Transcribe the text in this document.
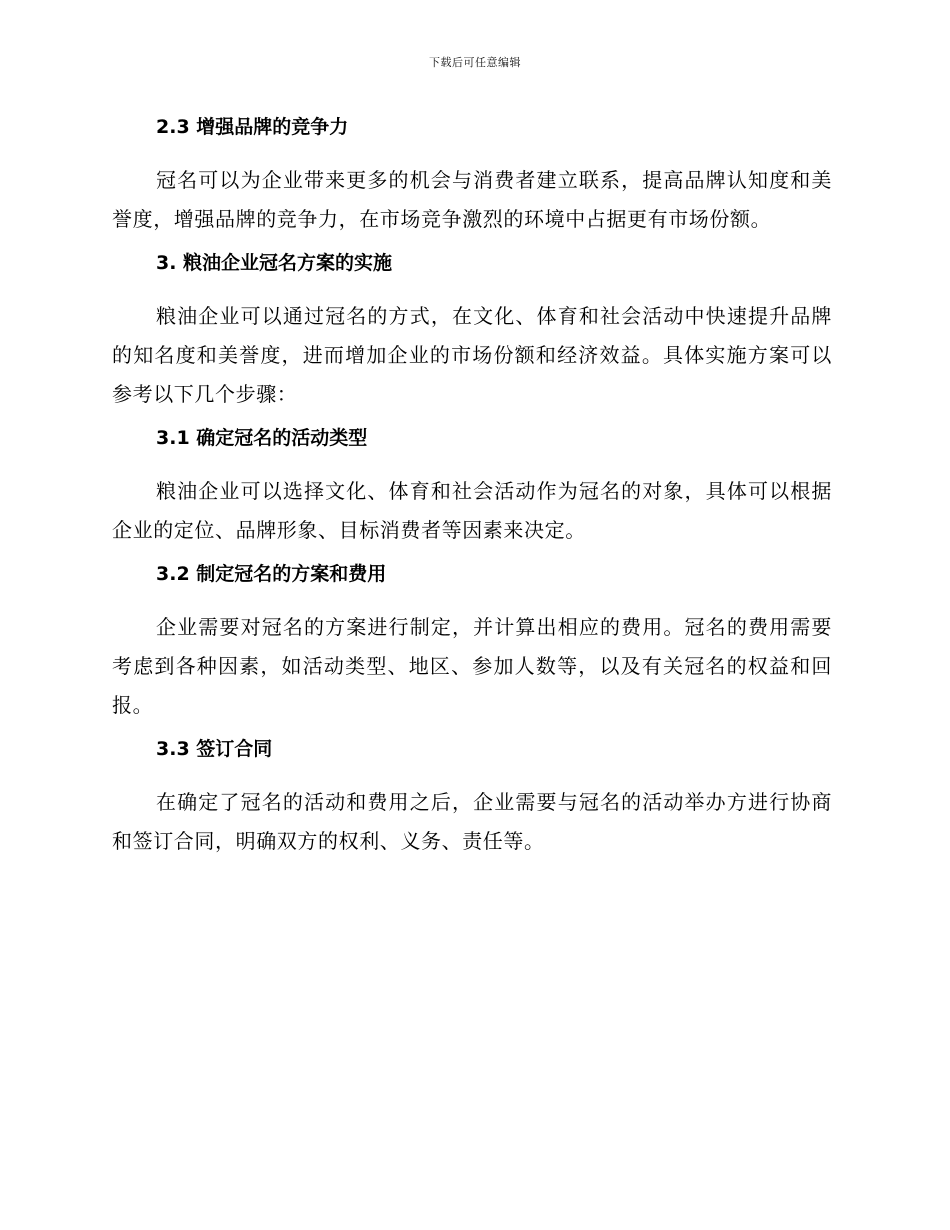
下载后可任意编辑
2.3 增强品牌的竞争力

冠名可以为企业带来更多的机会与消费者建立联系，提高品牌认知度和美誉度，增强品牌的竞争力，在市场竞争激烈的环境中占据更有市场份额。

3. 粮油企业冠名方案的实施

粮油企业可以通过冠名的方式，在文化、体育和社会活动中快速提升品牌的知名度和美誉度，进而增加企业的市场份额和经济效益。具体实施方案可以参考以下几个步骤：

3.1 确定冠名的活动类型

粮油企业可以选择文化、体育和社会活动作为冠名的对象，具体可以根据企业的定位、品牌形象、目标消费者等因素来决定。

3.2 制定冠名的方案和费用

企业需要对冠名的方案进行制定，并计算出相应的费用。冠名的费用需要考虑到各种因素，如活动类型、地区、参加人数等，以及有关冠名的权益和回报。

3.3 签订合同

在确定了冠名的活动和费用之后，企业需要与冠名的活动举办方进行协商和签订合同，明确双方的权利、义务、责任等。
